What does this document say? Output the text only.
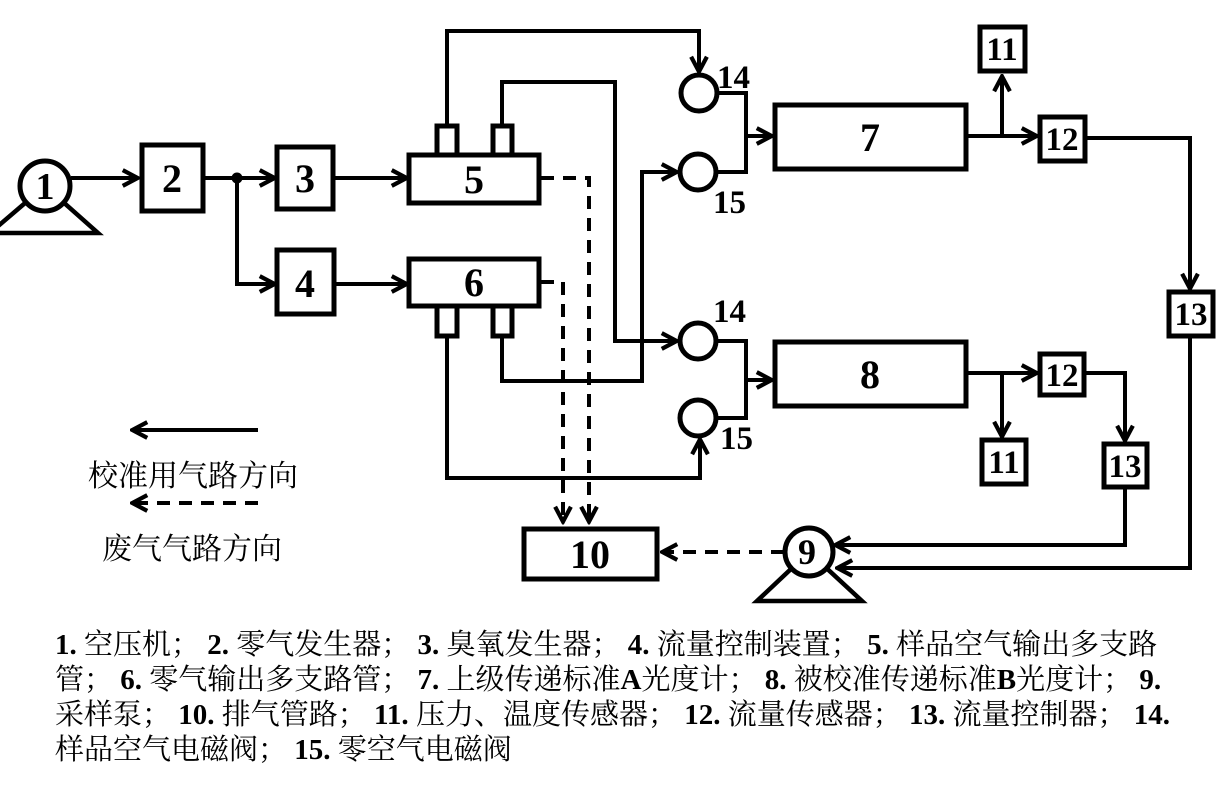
1	2	3
4
5
6
7
8
9
10
11
12
13
11
12
13
14
15
14
15
校准用气路方向
废气气路方向
1. 空压机； 2. 零气发生器； 3. 臭氧发生器； 4. 流量控制装置； 5. 样品空气输出多支路
管； 6. 零气输出多支路管； 7. 上级传递标准A光度计； 8. 被校准传递标准B光度计； 9.
采样泵； 10. 排气管路； 11. 压力、温度传感器； 12. 流量传感器； 13. 流量控制器； 14.
样品空气电磁阀； 15. 零空气电磁阀
